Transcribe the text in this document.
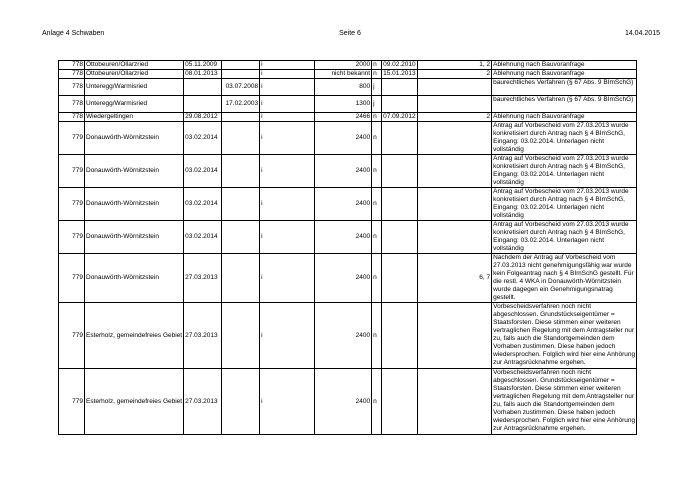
Anlage 4 Schwaben	Seite 6	14.04.2015
778	Ottobeuren/Ollarzried	05.11.2009		i	2000	n	09.02.2010	1, 2	Ablehnung nach Bauvoranfrage
778	Ottobeuren/Ollarzried	08.01.2013		i	nicht bekannt	n	15.01.2013	2	Ablehnung nach Bauvoranfrage
778	Unteregg/Warmisried		03.07.2008	i	800	j			baurechtliches Verfahren (§ 67 Abs. 9 BImSchG)
778	Unteregg/Warmisried		17.02.2003	i	1300	j			baurechtliches Verfahren (§ 67 Abs. 9 BImSchG)
778	Wiedergeltingen	29.08.2012		i	2466	n	07.09.2012	2	Ablehnung nach Bauvoranfrage
779	Donauwörth-Wörnitzstein	03.02.2014		i	2400	n			Antrag auf Vorbescheid vom 27.03.2013 wurde konkretisiert durch Antrag nach § 4 BImSchG, Eingang: 03.02.2014. Unterlagen nicht vollständig
779	Donauwörth-Wörnitzstein	03.02.2014		i	2400	n			Antrag auf Vorbescheid vom 27.03.2013 wurde konkretisiert durch Antrag nach § 4 BImSchG, Eingang: 03.02.2014. Unterlagen nicht vollständig
779	Donauwörth-Wörnitzstein	03.02.2014		i	2400	n			Antrag auf Vorbescheid vom 27.03.2013 wurde konkretisiert durch Antrag nach § 4 BImSchG, Eingang: 03.02.2014. Unterlagen nicht vollständig
779	Donauwörth-Wörnitzstein	03.02.2014		i	2400	n			Antrag auf Vorbescheid vom 27.03.2013 wurde konkretisiert durch Antrag nach § 4 BImSchG, Eingang: 03.02.2014. Unterlagen nicht vollständig
779	Donauwörth-Wörnitzstein	27.03.2013		i	2400	n		6, 7	Nachdem der Antrag auf Vorbescheid vom 27.03.2013 nicht genehmigungsfähig war wurde kein Folgeantrag nach § 4 BImSchG gestellt. Für die restl. 4 WKA in Donauwörth-Wörnitzstein wurde dagegen ein Genehmigungsnatrag gestellt.
779	Esterholz, gemeindefreies Gebiet	27.03.2013		i	2400	n			Vorbescheidsverfahren noch nicht abgeschlossen. Grundstückseigentümer = Staatsforsten. Diese stimmen einer weiteren vertraglichen Regelung mit dem Antragsteller nur zu, falls auch die Standortgemeinden dem Vorhaben zustimmen. Diese haben jedoch wiedersprochen. Folglich wird hier eine Anhörung zur Antragsrücknahme ergehen.
779	Esterholz, gemeindefreies Gebiet	27.03.2013		i	2400	n			Vorbescheidsverfahren noch nicht abgeschlossen. Grundstückseigentümer = Staatsforsten. Diese stimmen einer weiteren vertraglichen Regelung mit dem Antragsteller nur zu, falls auch die Standortgemeinden dem Vorhaben zustimmen. Diese haben jedoch wiedersprochen. Folglich wird hier eine Anhörung zur Antragsrücknahme ergehen.
